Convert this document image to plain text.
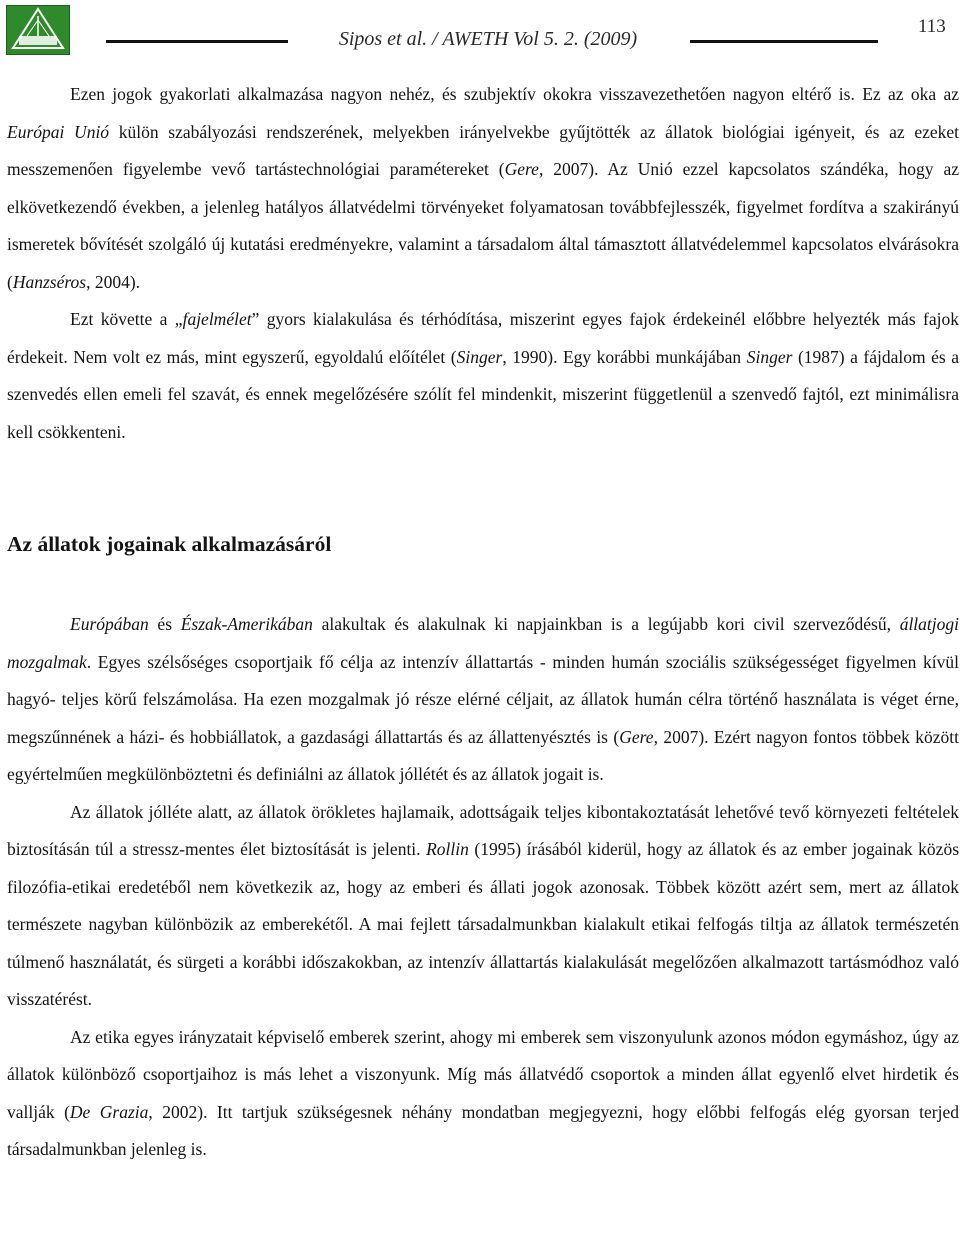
Sipos et al. / AWETH Vol 5. 2. (2009)
113

Ezen jogok gyakorlati alkalmazása nagyon nehéz, és szubjektív okokra visszavezethetően nagyon eltérő is. Ez az oka az Európai Unió külön szabályozási rendszerének, melyekben irányelvekbe gyűjtötték az állatok biológiai igényeit, és az ezeket messzemenően figyelembe vevő tartástechnológiai paramétereket (Gere, 2007). Az Unió ezzel kapcsolatos szándéka, hogy az elkövetkezendő években, a jelenleg hatályos állatvédelmi törvényeket folyamatosan továbbfejlesszék, figyelmet fordítva a szakirányú ismeretek bővítését szolgáló új kutatási eredményekre, valamint a társadalom által támasztott állatvédelemmel kapcsolatos elvárásokra (Hanzséros, 2004).

Ezt követte a „fajelmélet” gyors kialakulása és térhódítása, miszerint egyes fajok érdekeinél előbbre helyezték más fajok érdekeit. Nem volt ez más, mint egyszerű, egyoldalú előítélet (Singer, 1990). Egy korábbi munkájában Singer (1987) a fájdalom és a szenvedés ellen emeli fel szavát, és ennek megelőzésére szólít fel mindenkit, miszerint függetlenül a szenvedő fajtól, ezt minimálisra kell csökkenteni.

Az állatok jogainak alkalmazásáról

Európában és Észak-Amerikában alakultak és alakulnak ki napjainkban is a legújabb kori civil szerveződésű, állatjogi mozgalmak. Egyes szélsőséges csoportjaik fő célja az intenzív állattartás - minden humán szociális szükségességet figyelmen kívül hagyó- teljes körű felszámolása. Ha ezen mozgalmak jó része elérné céljait, az állatok humán célra történő használata is véget érne, megszűnnének a házi- és hobbiállatok, a gazdasági állattartás és az állattenyésztés is (Gere, 2007). Ezért nagyon fontos többek között egyértelműen megkülönböztetni és definiálni az állatok jóllétét és az állatok jogait is.

Az állatok jólléte alatt, az állatok örökletes hajlamaik, adottságaik teljes kibontakoztatását lehetővé tevő környezeti feltételek biztosításán túl a stressz-mentes élet biztosítását is jelenti. Rollin (1995) írásából kiderül, hogy az állatok és az ember jogainak közös filozófia-etikai eredetéből nem következik az, hogy az emberi és állati jogok azonosak. Többek között azért sem, mert az állatok természete nagyban különbözik az emberekétől. A mai fejlett társadalmunkban kialakult etikai felfogás tiltja az állatok természetén túlmenő használatát, és sürgeti a korábbi időszakokban, az intenzív állattartás kialakulását megelőzően alkalmazott tartásmódhoz való visszatérést.

Az etika egyes irányzatait képviselő emberek szerint, ahogy mi emberek sem viszonyulunk azonos módon egymáshoz, úgy az állatok különböző csoportjaihoz is más lehet a viszonyunk. Míg más állatvédő csoportok a minden állat egyenlő elvet hirdetik és vallják (De Grazia, 2002). Itt tartjuk szükségesnek néhány mondatban megjegyezni, hogy előbbi felfogás elég gyorsan terjed társadalmunkban jelenleg is.
